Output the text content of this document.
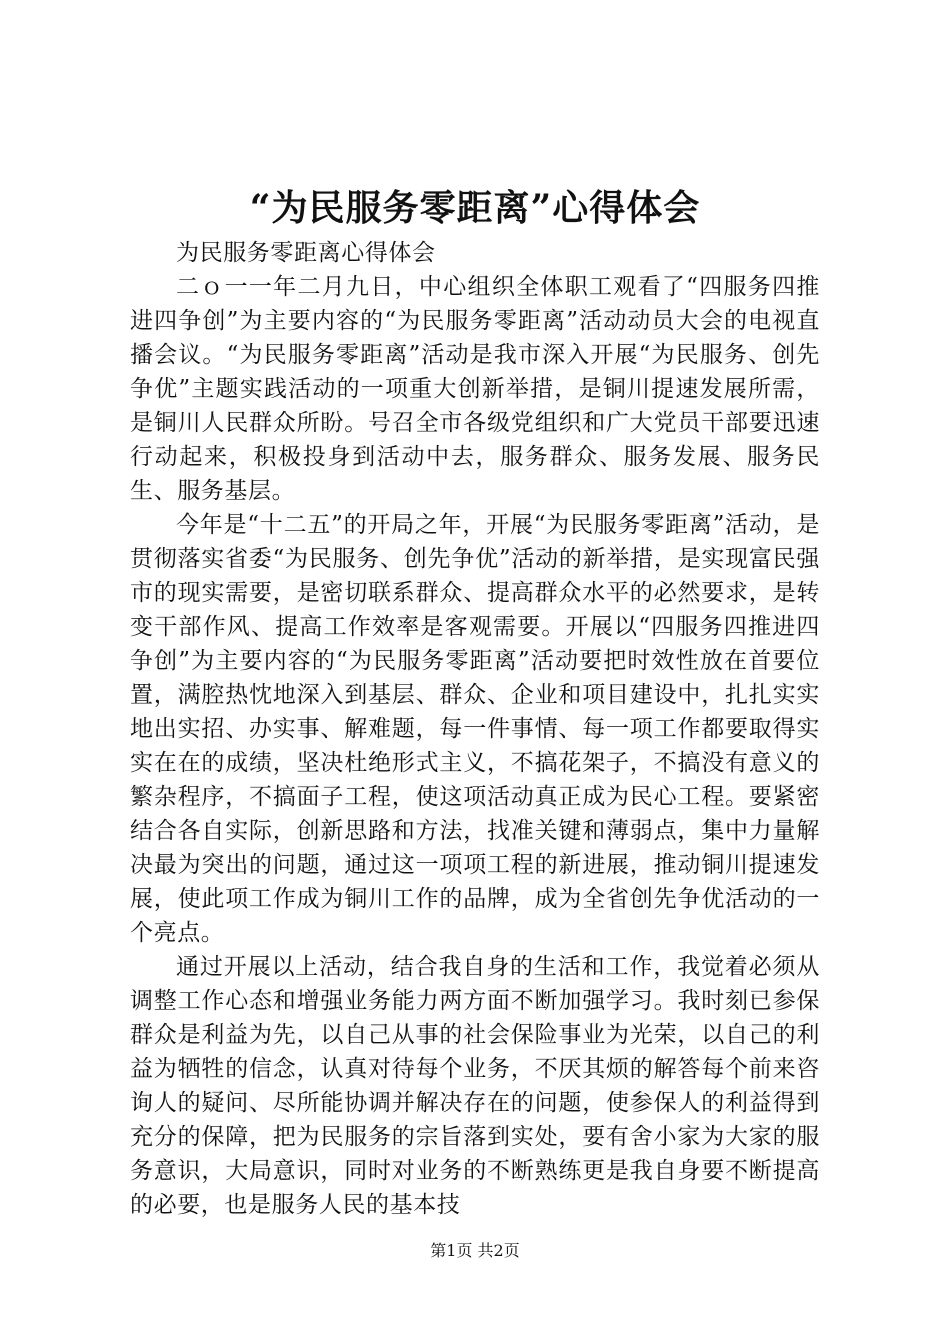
“为民服务零距离”心得体会

为民服务零距离心得体会

二ｏ一一年二月九日，中心组织全体职工观看了“四服务四推进四争创”为主要内容的“为民服务零距离”活动动员大会的电视直播会议。“为民服务零距离”活动是我市深入开展“为民服务、创先争优”主题实践活动的一项重大创新举措，是铜川提速发展所需，是铜川人民群众所盼。号召全市各级党组织和广大党员干部要迅速行动起来，积极投身到活动中去，服务群众、服务发展、服务民生、服务基层。

今年是“十二五”的开局之年，开展“为民服务零距离”活动，是贯彻落实省委“为民服务、创先争优”活动的新举措，是实现富民强市的现实需要，是密切联系群众、提高群众水平的必然要求，是转变干部作风、提高工作效率是客观需要。开展以“四服务四推进四争创”为主要内容的“为民服务零距离”活动要把时效性放在首要位置，满腔热忱地深入到基层、群众、企业和项目建设中，扎扎实实地出实招、办实事、解难题，每一件事情、每一项工作都要取得实实在在的成绩，坚决杜绝形式主义，不搞花架子，不搞没有意义的繁杂程序，不搞面子工程，使这项活动真正成为民心工程。要紧密结合各自实际，创新思路和方法，找准关键和薄弱点，集中力量解决最为突出的问题，通过这一项项工程的新进展，推动铜川提速发展，使此项工作成为铜川工作的品牌，成为全省创先争优活动的一个亮点。

通过开展以上活动，结合我自身的生活和工作，我觉着必须从调整工作心态和增强业务能力两方面不断加强学习。我时刻已参保群众是利益为先，以自己从事的社会保险事业为光荣，以自己的利益为牺牲的信念，认真对待每个业务，不厌其烦的解答每个前来咨询人的疑问、尽所能协调并解决存在的问题，使参保人的利益得到充分的保障，把为民服务的宗旨落到实处，要有舍小家为大家的服务意识，大局意识，同时对业务的不断熟练更是我自身要不断提高的必要，也是服务人民的基本技

第1页 共2页
